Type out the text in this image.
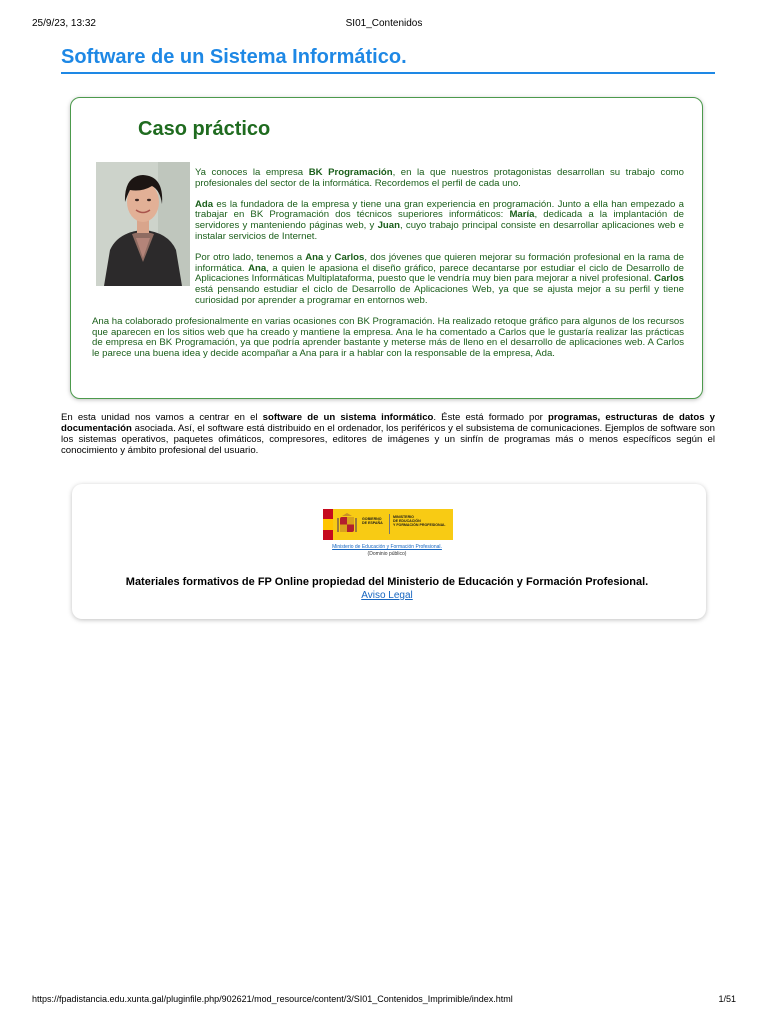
25/9/23, 13:32	SI01_Contenidos
Software de un Sistema Informático.
Caso práctico

Ya conoces la empresa BK Programación, en la que nuestros protagonistas desarrollan su trabajo como profesionales del sector de la informática. Recordemos el perfil de cada uno.

Ada es la fundadora de la empresa y tiene una gran experiencia en programación. Junto a ella han empezado a trabajar en BK Programación dos técnicos superiores informáticos: María, dedicada a la implantación de servidores y manteniendo páginas web, y Juan, cuyo trabajo principal consiste en desarrollar aplicaciones web e instalar servicios de Internet.

Por otro lado, tenemos a Ana y Carlos, dos jóvenes que quieren mejorar su formación profesional en la rama de informática. Ana, a quien le apasiona el diseño gráfico, parece decantarse por estudiar el ciclo de Desarrollo de Aplicaciones Informáticas Multiplataforma, puesto que le vendría muy bien para mejorar a nivel profesional. Carlos está pensando estudiar el ciclo de Desarrollo de Aplicaciones Web, ya que se ajusta mejor a su perfil y tiene curiosidad por aprender a programar en entornos web.

Ana ha colaborado profesionalmente en varias ocasiones con BK Programación. Ha realizado retoque gráfico para algunos de los recursos que aparecen en los sitios web que ha creado y mantiene la empresa. Ana le ha comentado a Carlos que le gustaría realizar las prácticas de empresa en BK Programación, ya que podría aprender bastante y meterse más de lleno en el desarrollo de aplicaciones web. A Carlos le parece una buena idea y decide acompañar a Ana para ir a hablar con la responsable de la empresa, Ada.

En esta unidad nos vamos a centrar en el software de un sistema informático. Éste está formado por programas, estructuras de datos y documentación asociada. Así, el software está distribuido en el ordenador, los periféricos y el subsistema de comunicaciones. Ejemplos de software son los sistemas operativos, paquetes ofimáticos, compresores, editores de imágenes y un sinfín de programas más o menos específicos según el conocimiento y ámbito profesional del usuario.

GOBIERNO
DE ESPAÑA
MINISTERIO
DE EDUCACIÓN
Y FORMACIÓN PROFESIONAL
Ministerio de Educación y Formación Profesional.
(Dominio público)
Materiales formativos de FP Online propiedad del Ministerio de Educación y Formación Profesional.
Aviso Legal
https://fpadistancia.edu.xunta.gal/pluginfile.php/902621/mod_resource/content/3/SI01_Contenidos_Imprimible/index.html	1/51
